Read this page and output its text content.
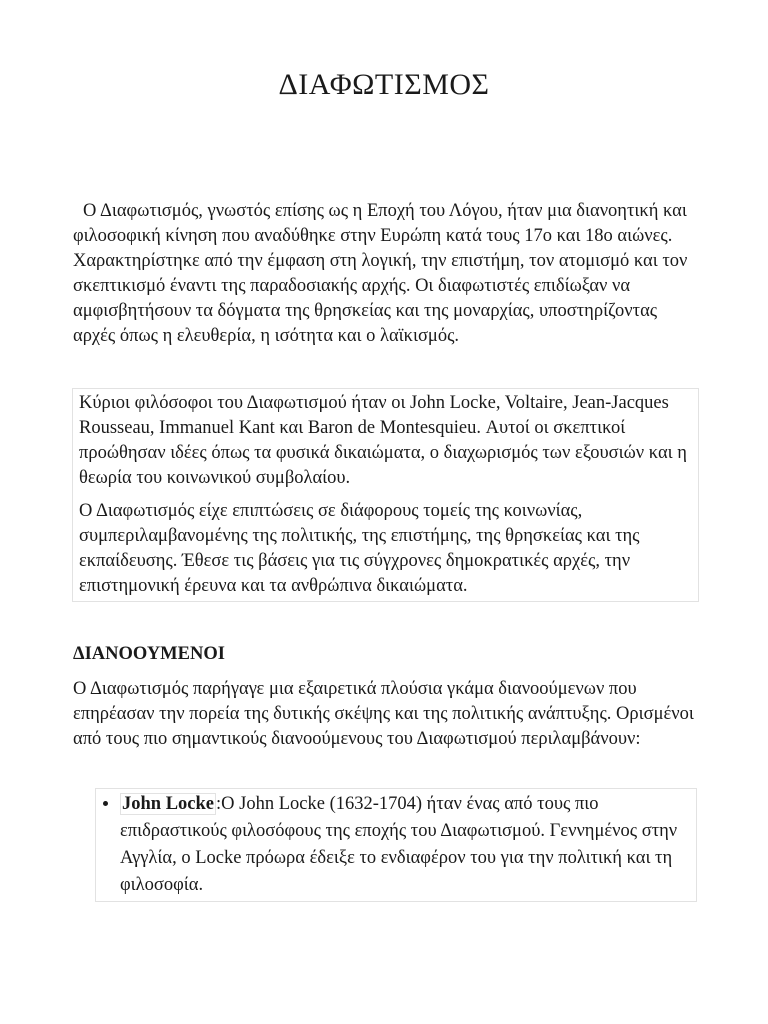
ΔΙΑΦΩΤΙΣΜΟΣ

Ο Διαφωτισμός, γνωστός επίσης ως η Εποχή του Λόγου, ήταν μια διανοητική και φιλοσοφική κίνηση που αναδύθηκε στην Ευρώπη κατά τους 17ο και 18ο αιώνες. Χαρακτηρίστηκε από την έμφαση στη λογική, την επιστήμη, τον ατομισμό και τον σκεπτικισμό έναντι της παραδοσιακής αρχής. Οι διαφωτιστές επιδίωξαν να αμφισβητήσουν τα δόγματα της θρησκείας και της μοναρχίας, υποστηρίζοντας αρχές όπως η ελευθερία, η ισότητα και ο λαϊκισμός.

Κύριοι φιλόσοφοι του Διαφωτισμού ήταν οι John Locke, Voltaire, Jean-Jacques Rousseau, Immanuel Kant και Baron de Montesquieu. Αυτοί οι σκεπτικοί προώθησαν ιδέες όπως τα φυσικά δικαιώματα, ο διαχωρισμός των εξουσιών και η θεωρία του κοινωνικού συμβολαίου.

Ο Διαφωτισμός είχε επιπτώσεις σε διάφορους τομείς της κοινωνίας, συμπεριλαμβανομένης της πολιτικής, της επιστήμης, της θρησκείας και της εκπαίδευσης. Έθεσε τις βάσεις για τις σύγχρονες δημοκρατικές αρχές, την επιστημονική έρευνα και τα ανθρώπινα δικαιώματα.

ΔΙΑΝΟΟΥΜΕΝΟΙ

Ο Διαφωτισμός παρήγαγε μια εξαιρετικά πλούσια γκάμα διανοούμενων που επηρέασαν την πορεία της δυτικής σκέψης και της πολιτικής ανάπτυξης. Ορισμένοι από τους πιο σημαντικούς διανοούμενους του Διαφωτισμού περιλαμβάνουν:

• John Locke :Ο John Locke (1632-1704) ήταν ένας από τους πιο επιδραστικούς φιλοσόφους της εποχής του Διαφωτισμού. Γεννημένος στην Αγγλία, ο Locke πρόωρα έδειξε το ενδιαφέρον του για την πολιτική και τη φιλοσοφία.
